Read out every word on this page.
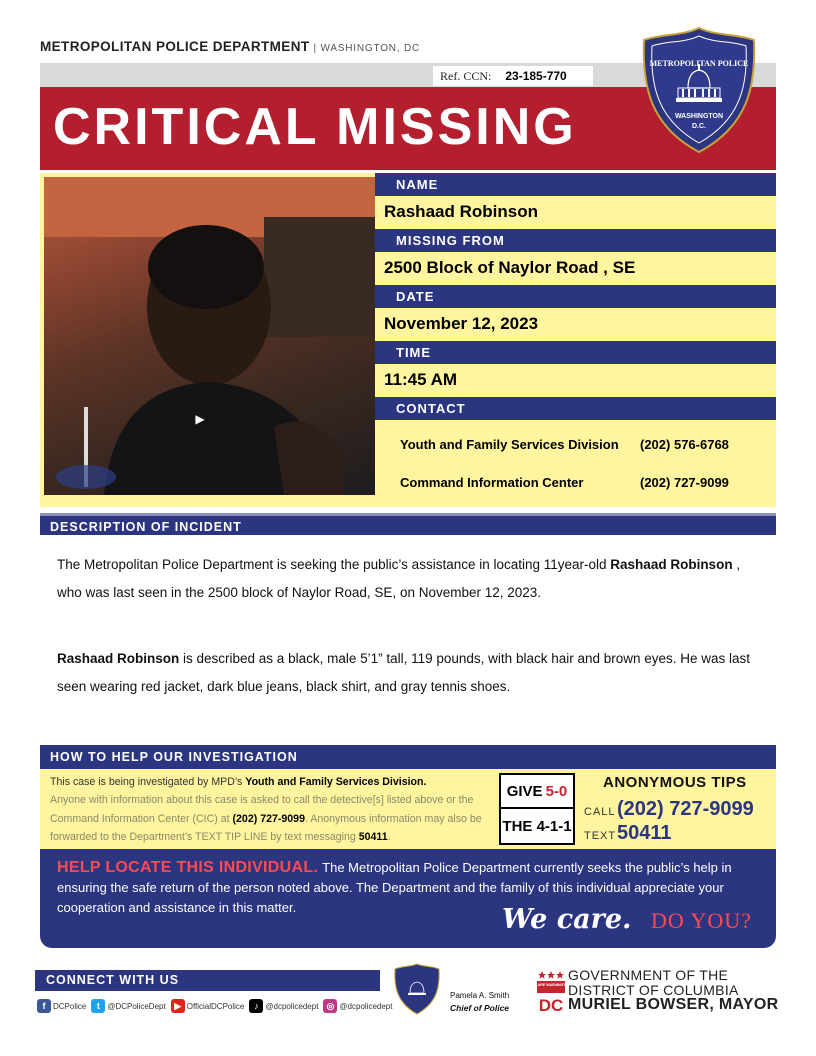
METROPOLITAN POLICE DEPARTMENT | WASHINGTON, DC
Ref. CCN:	23-185-770
CRITICAL MISSING
METROPOLITAN POLICE
WASHINGTON
D.C.
▶
NAME
Rashaad Robinson
MISSING FROM
2500 Block of Naylor Road , SE
DATE
November 12, 2023
TIME
11:45 AM
CONTACT
Youth and Family Services Division (202) 576-6768
Command Information Center	(202) 727-9099
DESCRIPTION OF INCIDENT
The Metropolitan Police Department is seeking the public’s assistance in locating 11year-old Rashaad Robinson , who was last seen in the 2500 block of Naylor Road, SE, on November 12, 2023.
Rashaad Robinson is described as a black, male 5’1” tall, 119 pounds, with black hair and brown eyes. He was last seen wearing red jacket, dark blue jeans, black shirt, and gray tennis shoes.
HOW TO HELP OUR INVESTIGATION
This case is being investigated by MPD’s Youth and Family Services Division.
Anyone with information about this case is asked to call the detective[s] listed above or the Command Information Center (CIC) at (202) 727-9099. Anonymous information may also be forwarded to the Department’s TEXT TIP LINE by text messaging 50411.
GIVE 5-0
THE 4-1-1
ANONYMOUS TIPS
CALL (202) 727-9099
TEXT 50411
HELP LOCATE THIS INDIVIDUAL. The Metropolitan Police Department currently seeks the public’s help in ensuring the safe return of the person noted above. The Department and the family of this individual appreciate your cooperation and assistance in this matter.	We care. DO YOU?
CONNECT WITH US
f DCPolice	t @DCPoliceDept ▶ OfficialDCPolice	♪ @dcpolicedept ◎ @dcpolicedept
Pamela A. Smith
Chief of Police
WE ARE WASHINGTON
DC
GOVERNMENT OF THE
DISTRICT OF COLUMBIA
MURIEL BOWSER, MAYOR
